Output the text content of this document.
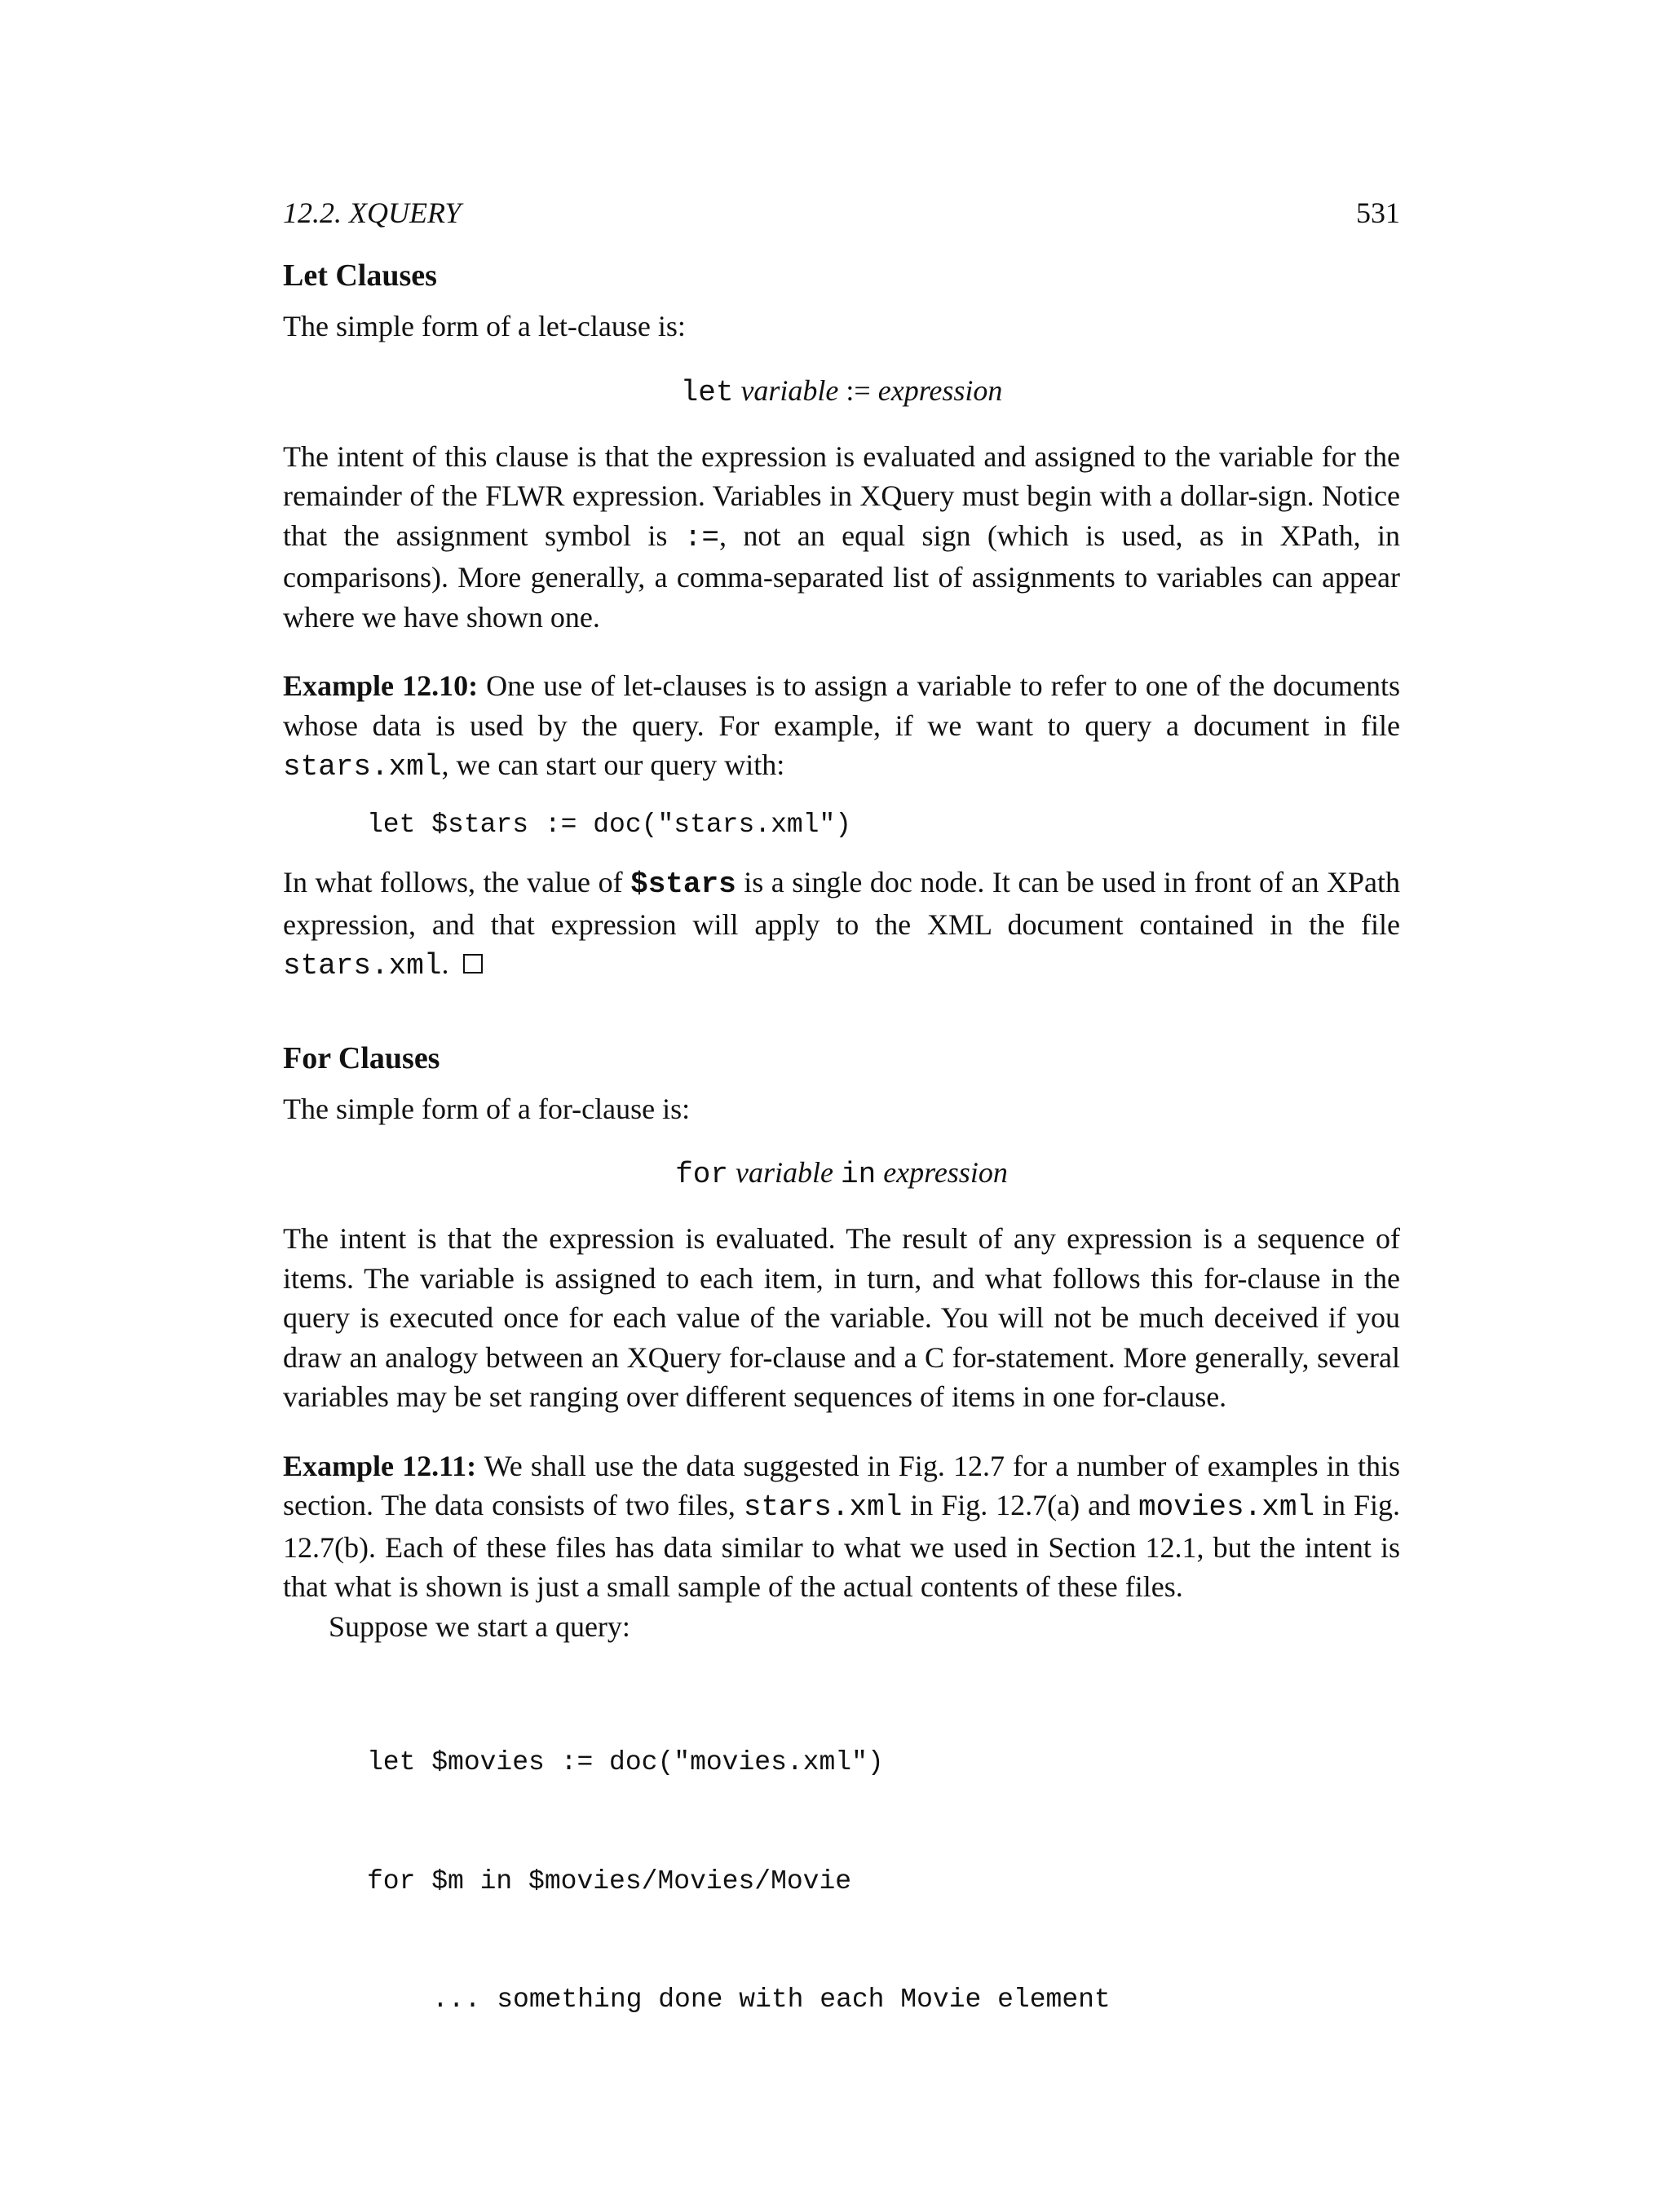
12.2. XQUERY	531
Let Clauses

The simple form of a let-clause is:

let variable := expression

The intent of this clause is that the expression is evaluated and assigned to the variable for the remainder of the FLWR expression. Variables in XQuery must begin with a dollar-sign. Notice that the assignment symbol is :=, not an equal sign (which is used, as in XPath, in comparisons). More generally, a comma-separated list of assignments to variables can appear where we have shown one.

Example 12.10: One use of let-clauses is to assign a variable to refer to one of the documents whose data is used by the query. For example, if we want to query a document in file stars.xml, we can start our query with:

let $stars := doc("stars.xml")

In what follows, the value of $stars is a single doc node. It can be used in front of an XPath expression, and that expression will apply to the XML document contained in the file stars.xml.

For Clauses

The simple form of a for-clause is:

for variable in expression

The intent is that the expression is evaluated. The result of any expression is a sequence of items. The variable is assigned to each item, in turn, and what follows this for-clause in the query is executed once for each value of the variable. You will not be much deceived if you draw an analogy between an XQuery for-clause and a C for-statement. More generally, several variables may be set ranging over different sequences of items in one for-clause.

Example 12.11: We shall use the data suggested in Fig. 12.7 for a number of examples in this section. The data consists of two files, stars.xml in Fig. 12.7(a) and movies.xml in Fig. 12.7(b). Each of these files has data similar to what we used in Section 12.1, but the intent is that what is shown is just a small sample of the actual contents of these files.

Suppose we start a query:

let $movies := doc("movies.xml")

for $m in $movies/Movies/Movie

... something done with each Movie element
